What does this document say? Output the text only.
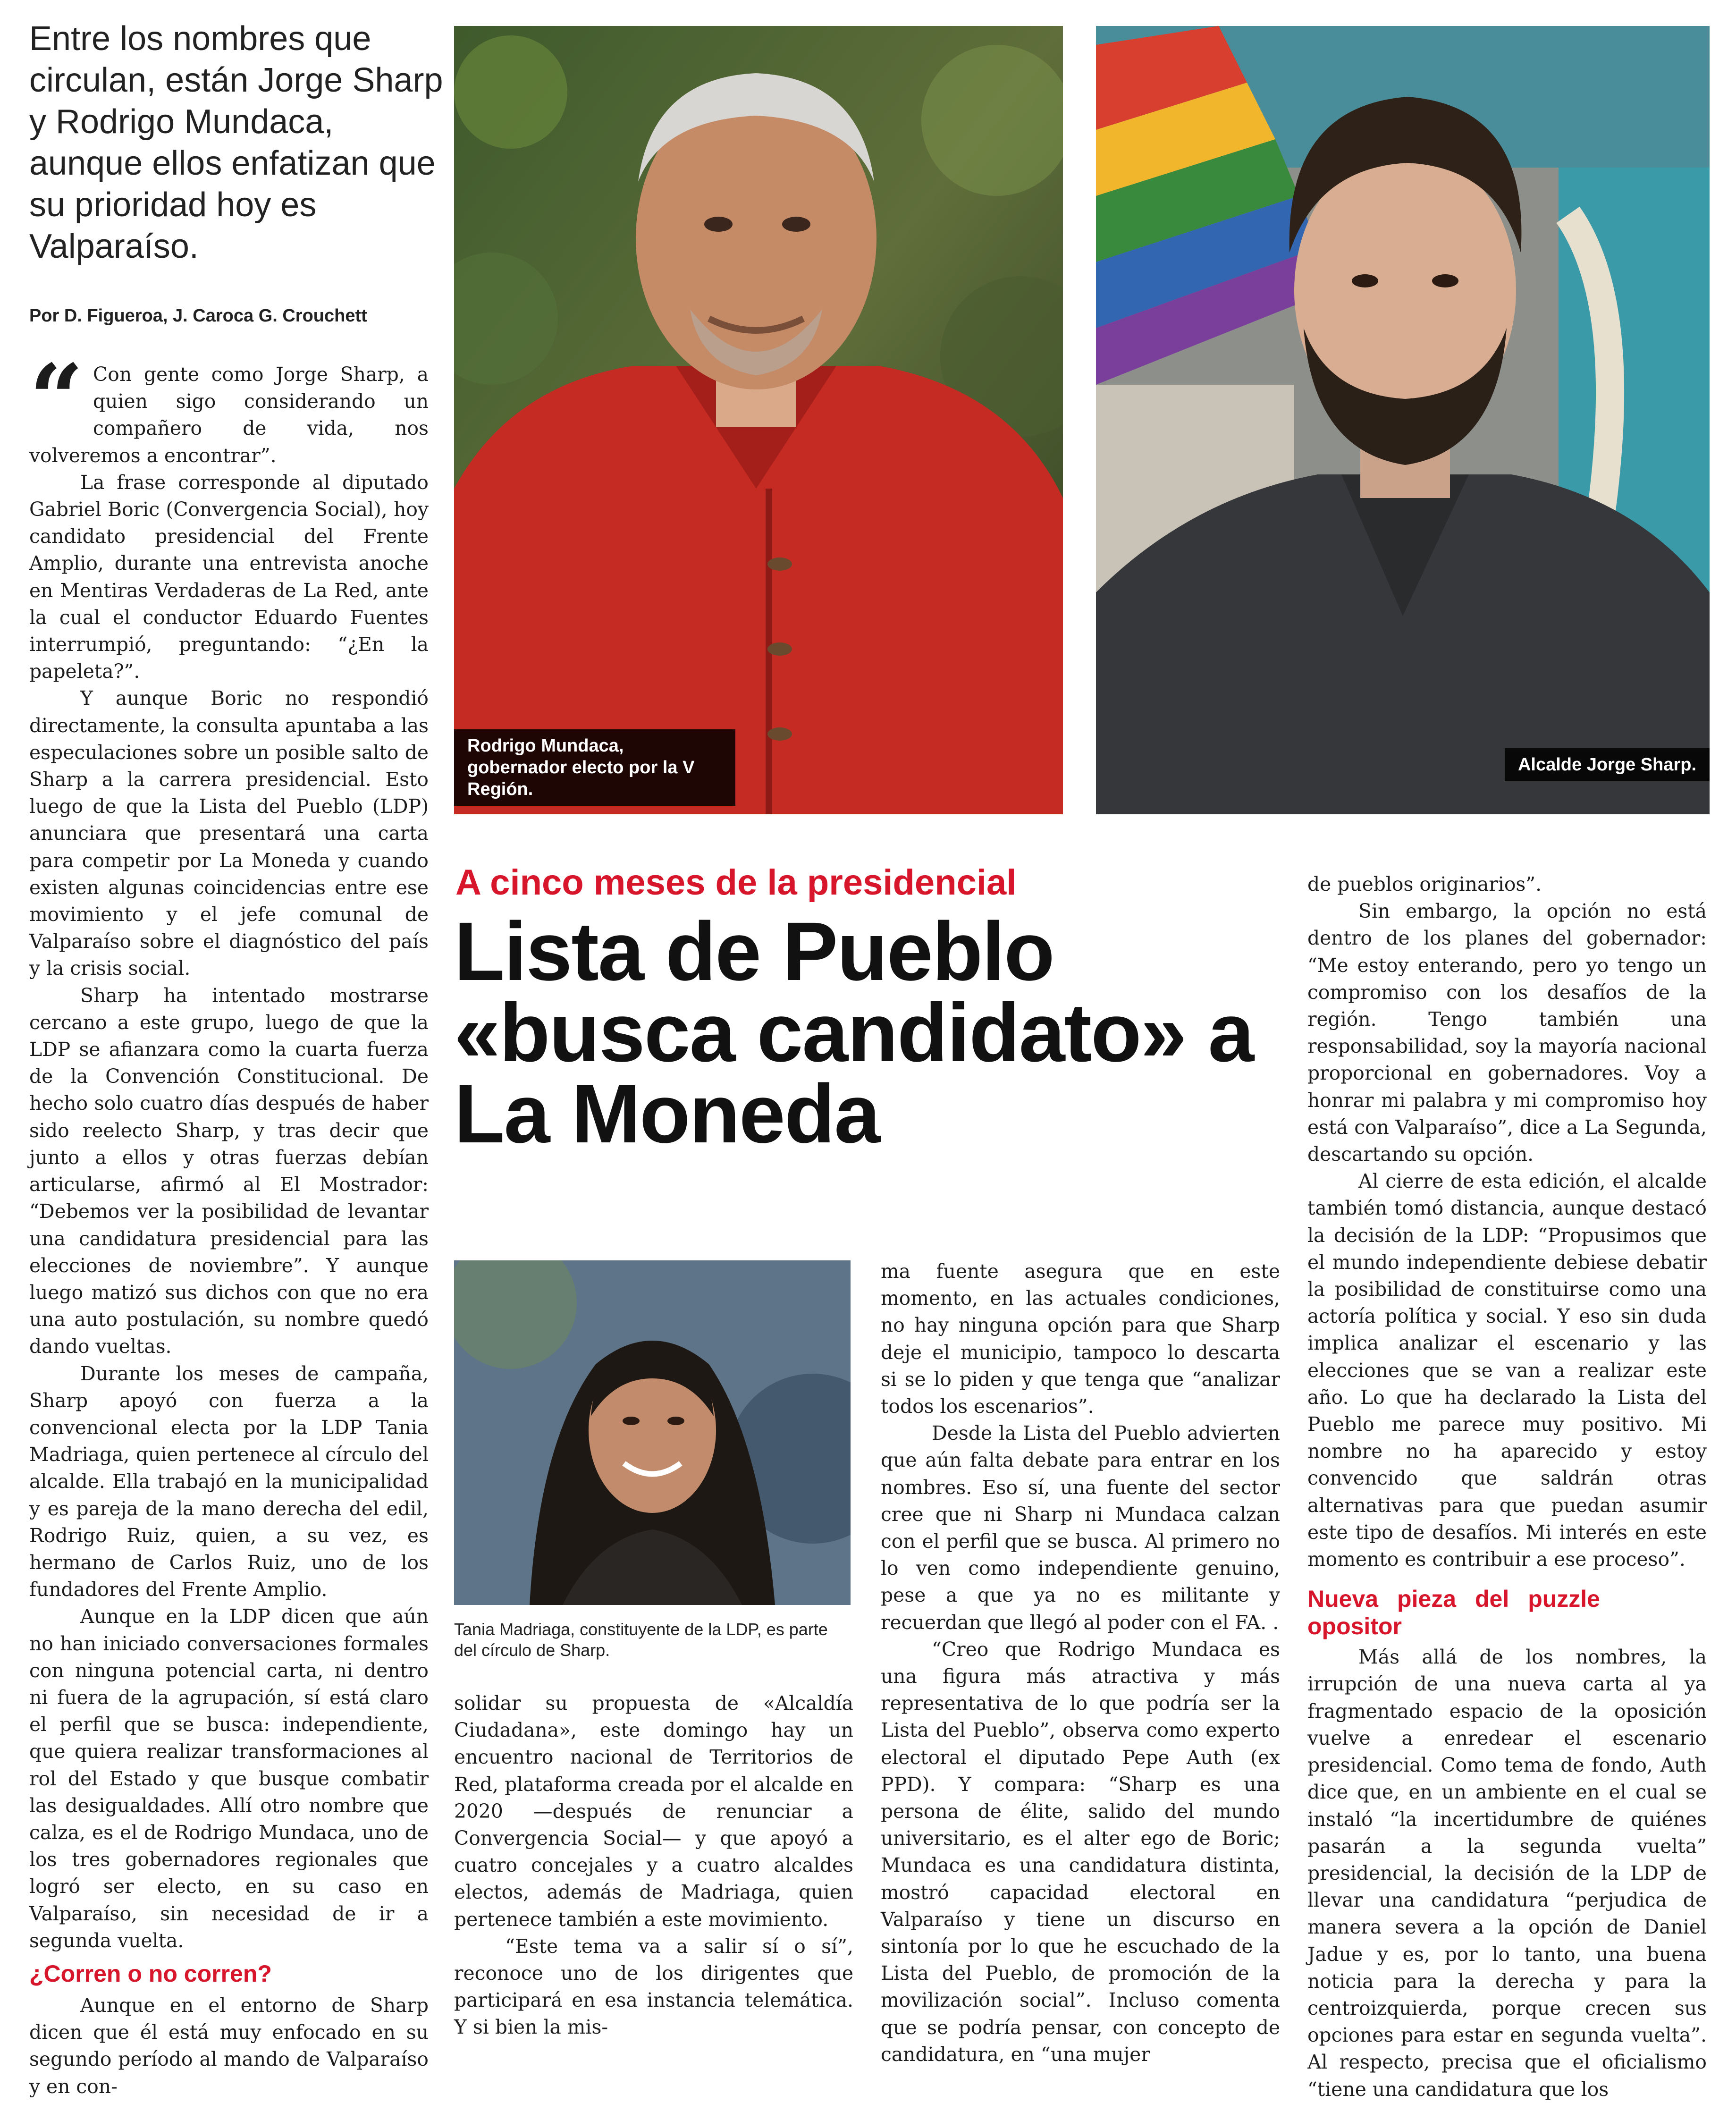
Entre los nombres que circulan, están Jorge Sharp y Rodrigo Mundaca, aunque ellos enfatizan que su prioridad hoy es Valparaíso.
Por D. Figueroa, J. Caroca G. Crouchett

“ Con gente como Jorge Sharp, a quien sigo considerando un compañero de vida, nos volveremos a encontrar”.

La frase corresponde al diputado Gabriel Boric (Convergencia Social), hoy candidato presidencial del Frente Amplio, durante una entrevista anoche en Mentiras Verdaderas de La Red, ante la cual el conductor Eduardo Fuentes interrumpió, preguntando: “¿En la papeleta?”.

Y aunque Boric no respondió directamente, la consulta apuntaba a las especulaciones sobre un posible salto de Sharp a la carrera presidencial. Esto luego de que la Lista del Pueblo (LDP) anunciara que presentará una carta para competir por La Moneda y cuando existen algunas coincidencias entre ese movimiento y el jefe comunal de Valparaíso sobre el diagnóstico del país y la crisis social.

Sharp ha intentado mostrarse cercano a este grupo, luego de que la LDP se afianzara como la cuarta fuerza de la Convención Constitucional. De hecho solo cuatro días después de haber sido reelecto Sharp, y tras decir que junto a ellos y otras fuerzas debían articularse, afirmó al El Mostrador: “Debemos ver la posibilidad de levantar una candidatura presidencial para las elecciones de noviembre”. Y aunque luego matizó sus dichos con que no era una auto postulación, su nombre quedó dando vueltas.

Durante los meses de campaña, Sharp apoyó con fuerza a la convencional electa por la LDP Tania Madriaga, quien pertenece al círculo del alcalde. Ella trabajó en la municipalidad y es pareja de la mano derecha del edil, Rodrigo Ruiz, quien, a su vez, es hermano de Carlos Ruiz, uno de los fundadores del Frente Amplio.

Aunque en la LDP dicen que aún no han iniciado conversaciones formales con ninguna potencial carta, ni dentro ni fuera de la agrupación, sí está claro el perfil que se busca: independiente, que quiera realizar transformaciones al rol del Estado y que busque combatir las desigualdades. Allí otro nombre que calza, es el de Rodrigo Mundaca, uno de los tres gobernadores regionales que logró ser electo, en su caso en Valparaíso, sin necesidad de ir a segunda vuelta.

¿Corren o no corren?

Aunque en el entorno de Sharp dicen que él está muy enfocado en su segundo período al mando de Valparaíso y en con-

Rodrigo Mundaca, gobernador electo por la V Región.
Alcalde Jorge Sharp.
A cinco meses de la presidencial
Lista de Pueblo «busca candidato» a La Moneda
Tania Madriaga, constituyente de la LDP, es parte del círculo de Sharp.

solidar su propuesta de «Alcaldía Ciudadana», este domingo hay un encuentro nacional de Territorios de Red, plataforma creada por el alcalde en 2020 —después de renunciar a Convergencia Social— y que apoyó a cuatro concejales y a cuatro alcaldes electos, además de Madriaga, quien pertenece también a este movimiento.

“Este tema va a salir sí o sí”, reconoce uno de los dirigentes que participará en esa instancia telemática. Y si bien la mis-

ma fuente asegura que en este momento, en las actuales condiciones, no hay ninguna opción para que Sharp deje el municipio, tampoco lo descarta si se lo piden y que tenga que “analizar todos los escenarios”.

Desde la Lista del Pueblo advierten que aún falta debate para entrar en los nombres. Eso sí, una fuente del sector cree que ni Sharp ni Mundaca calzan con el perfil que se busca. Al primero no lo ven como independiente genuino, pese a que ya no es militante y recuerdan que llegó al poder con el FA. .

“Creo que Rodrigo Mundaca es una figura más atractiva y más representativa de lo que podría ser la Lista del Pueblo”, observa como experto electoral el diputado Pepe Auth (ex PPD). Y compara: “Sharp es una persona de élite, salido del mundo universitario, es el alter ego de Boric; Mundaca es una candidatura distinta, mostró capacidad electoral en Valparaíso y tiene un discurso en sintonía por lo que he escuchado de la Lista del Pueblo, de promoción de la movilización social”. Incluso comenta que se podría pensar, con concepto de candidatura, en “una mujer

de pueblos originarios”.

Sin embargo, la opción no está dentro de los planes del gobernador: “Me estoy enterando, pero yo tengo un compromiso con los desafíos de la región. Tengo también una responsabilidad, soy la mayoría nacional proporcional en gobernadores. Voy a honrar mi palabra y mi compromiso hoy está con Valparaíso”, dice a La Segunda, descartando su opción.

Al cierre de esta edición, el alcalde también tomó distancia, aunque destacó la decisión de la LDP: “Propusimos que el mundo independiente debiese debatir la posibilidad de constituirse como una actoría política y social. Y eso sin duda implica analizar el escenario y las elecciones que se van a realizar este año. Lo que ha declarado la Lista del Pueblo me parece muy positivo. Mi nombre no ha aparecido y estoy convencido que saldrán otras alternativas para que puedan asumir este tipo de desafíos. Mi interés en este momento es contribuir a ese proceso”.

Nueva pieza del puzzle opositor

Más allá de los nombres, la irrupción de una nueva carta al ya fragmentado espacio de la oposición vuelve a enredear el escenario presidencial. Como tema de fondo, Auth dice que, en un ambiente en el cual se instaló “la incertidumbre de quiénes pasarán a la segunda vuelta” presidencial, la decisión de la LDP de llevar una candidatura “perjudica de manera severa a la opción de Daniel Jadue y es, por lo tanto, una buena noticia para la derecha y para la centroizquierda, porque crecen sus opciones para estar en segunda vuelta”. Al respecto, precisa que el oficialismo “tiene una candidatura que los
